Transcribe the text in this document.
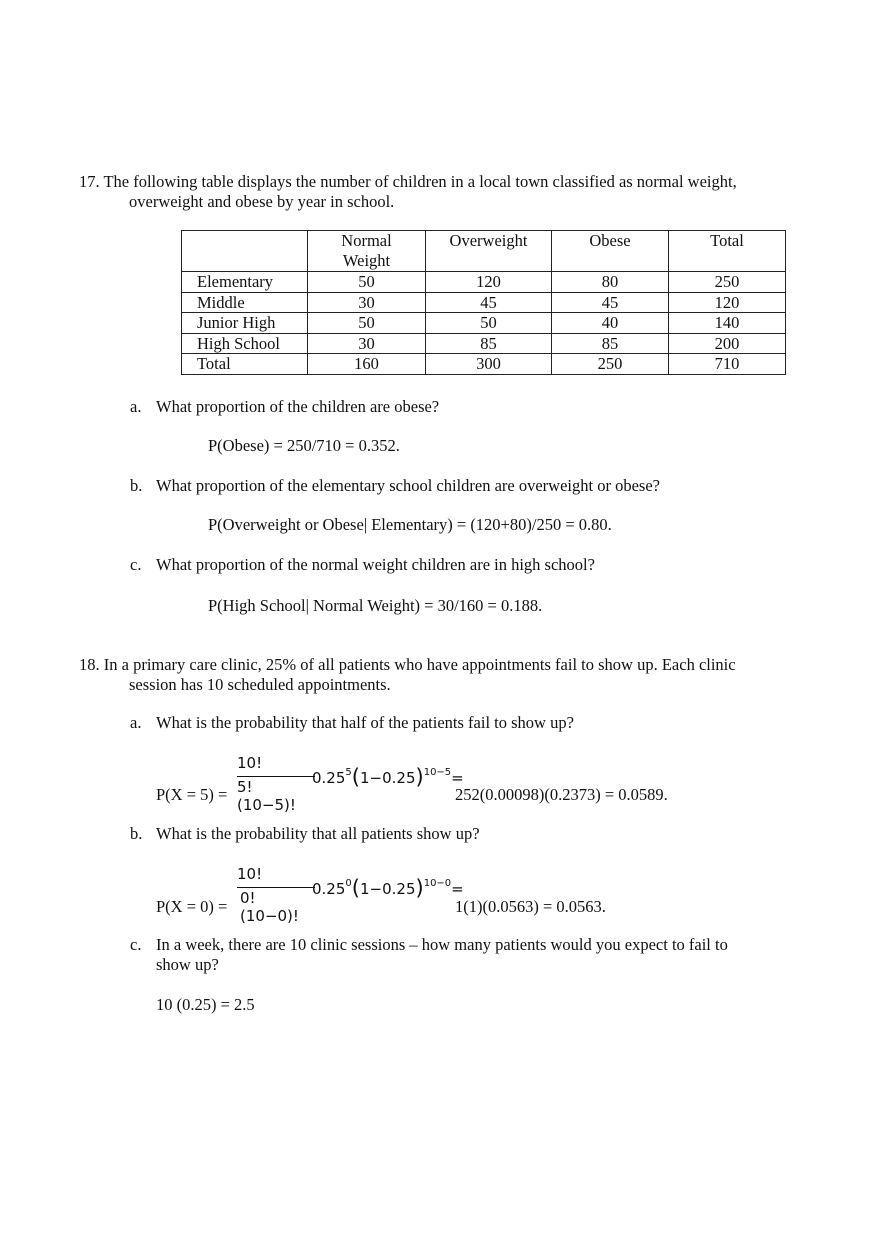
17. The following table displays the number of children in a local town classified as normal weight,
overweight and obese by year in school.
	Normal
Weight	Overweight	Obese	Total
Elementary	50	120	80	250
Middle	30	45	45	120
Junior High	50	50	40	140
High School	30	85	85	200
Total	160	300	250	710
a. What proportion of the children are obese?
P(Obese) = 250/710 = 0.352.
b. What proportion of the elementary school children are overweight or obese?
P(Overweight or Obese| Elementary) = (120+80)/250 = 0.80.
c. What proportion of the normal weight children are in high school?
P(High School| Normal Weight) = 30/160 = 0.188.
18. In a primary care clinic, 25% of all patients who have appointments fail to show up. Each clinic
session has 10 scheduled appointments.
a. What is the probability that half of the patients fail to show up?
P(X = 5) =
10!
5!(10−5)!
$0.25^5(1-0.25)^{10-5}=$
252(0.00098)(0.2373) = 0.0589.
b. What is the probability that all patients show up?
P(X = 0) =
10!
0!(10−0)!
$0.25^0(1-0.25)^{10-0}=$
1(1)(0.0563) = 0.0563.
c. In a week, there are 10 clinic sessions – how many patients would you expect to fail to
show up?
10 (0.25) = 2.5
